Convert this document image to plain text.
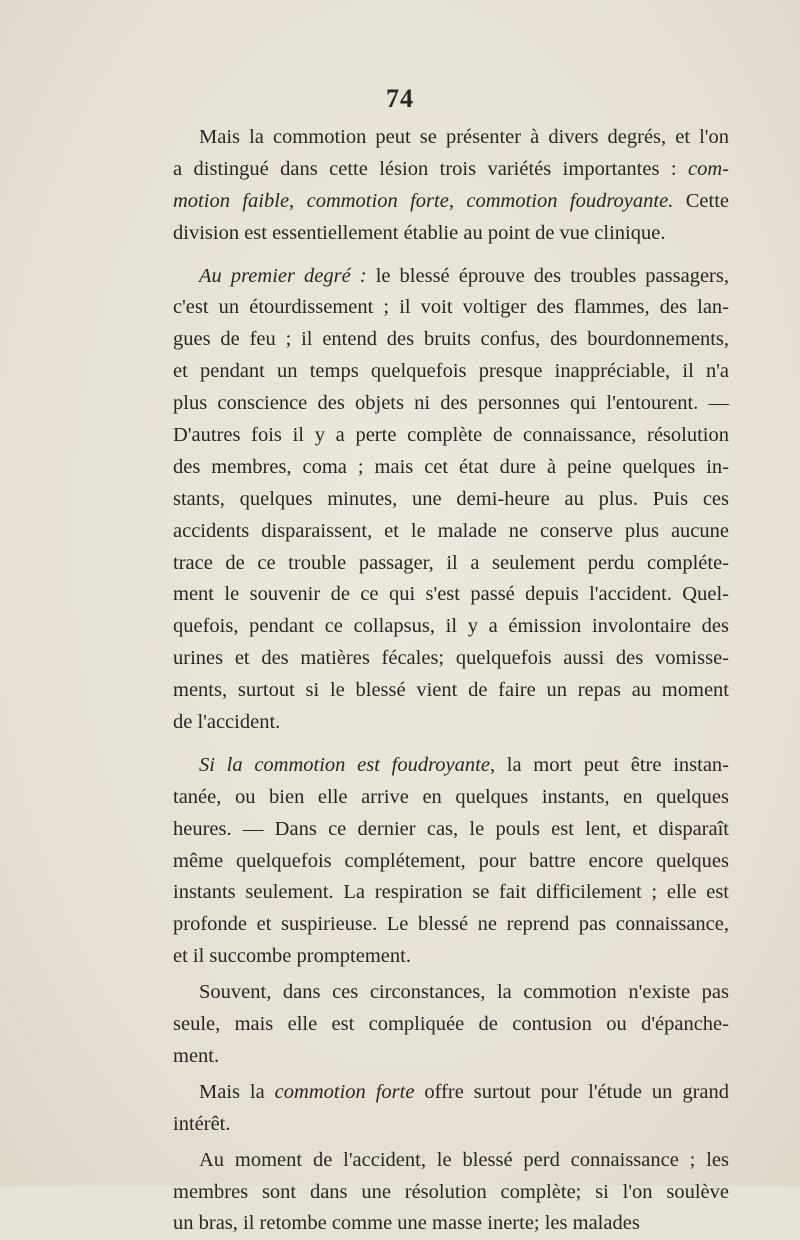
74
Mais la commotion peut se présenter à divers degrés, et l'on
a distingué dans cette lésion trois variétés importantes : com-
motion faible, commotion forte, commotion foudroyante. Cette
division est essentiellement établie au point de vue clinique.
Au premier degré : le blessé éprouve des troubles passagers,
c'est un étourdissement ; il voit voltiger des flammes, des lan-
gues de feu ; il entend des bruits confus, des bourdonnements,
et pendant un temps quelquefois presque inappréciable, il n'a
plus conscience des objets ni des personnes qui l'entourent. —
D'autres fois il y a perte complète de connaissance, résolution
des membres, coma ; mais cet état dure à peine quelques in-
stants, quelques minutes, une demi-heure au plus. Puis ces
accidents disparaissent, et le malade ne conserve plus aucune
trace de ce trouble passager, il a seulement perdu compléte-
ment le souvenir de ce qui s'est passé depuis l'accident. Quel-
quefois, pendant ce collapsus, il y a émission involontaire des
urines et des matières fécales; quelquefois aussi des vomisse-
ments, surtout si le blessé vient de faire un repas au moment
de l'accident.
Si la commotion est foudroyante, la mort peut être instan-
tanée, ou bien elle arrive en quelques instants, en quelques
heures. — Dans ce dernier cas, le pouls est lent, et disparaît
même quelquefois complétement, pour battre encore quelques
instants seulement. La respiration se fait difficilement ; elle est
profonde et suspirieuse. Le blessé ne reprend pas connaissance,
et il succombe promptement.
Souvent, dans ces circonstances, la commotion n'existe pas
seule, mais elle est compliquée de contusion ou d'épanche-
ment.
Mais la commotion forte offre surtout pour l'étude un grand
intérêt.
Au moment de l'accident, le blessé perd connaissance ; les
membres sont dans une résolution complète; si l'on soulève
un bras, il retombe comme une masse inerte; les malades
